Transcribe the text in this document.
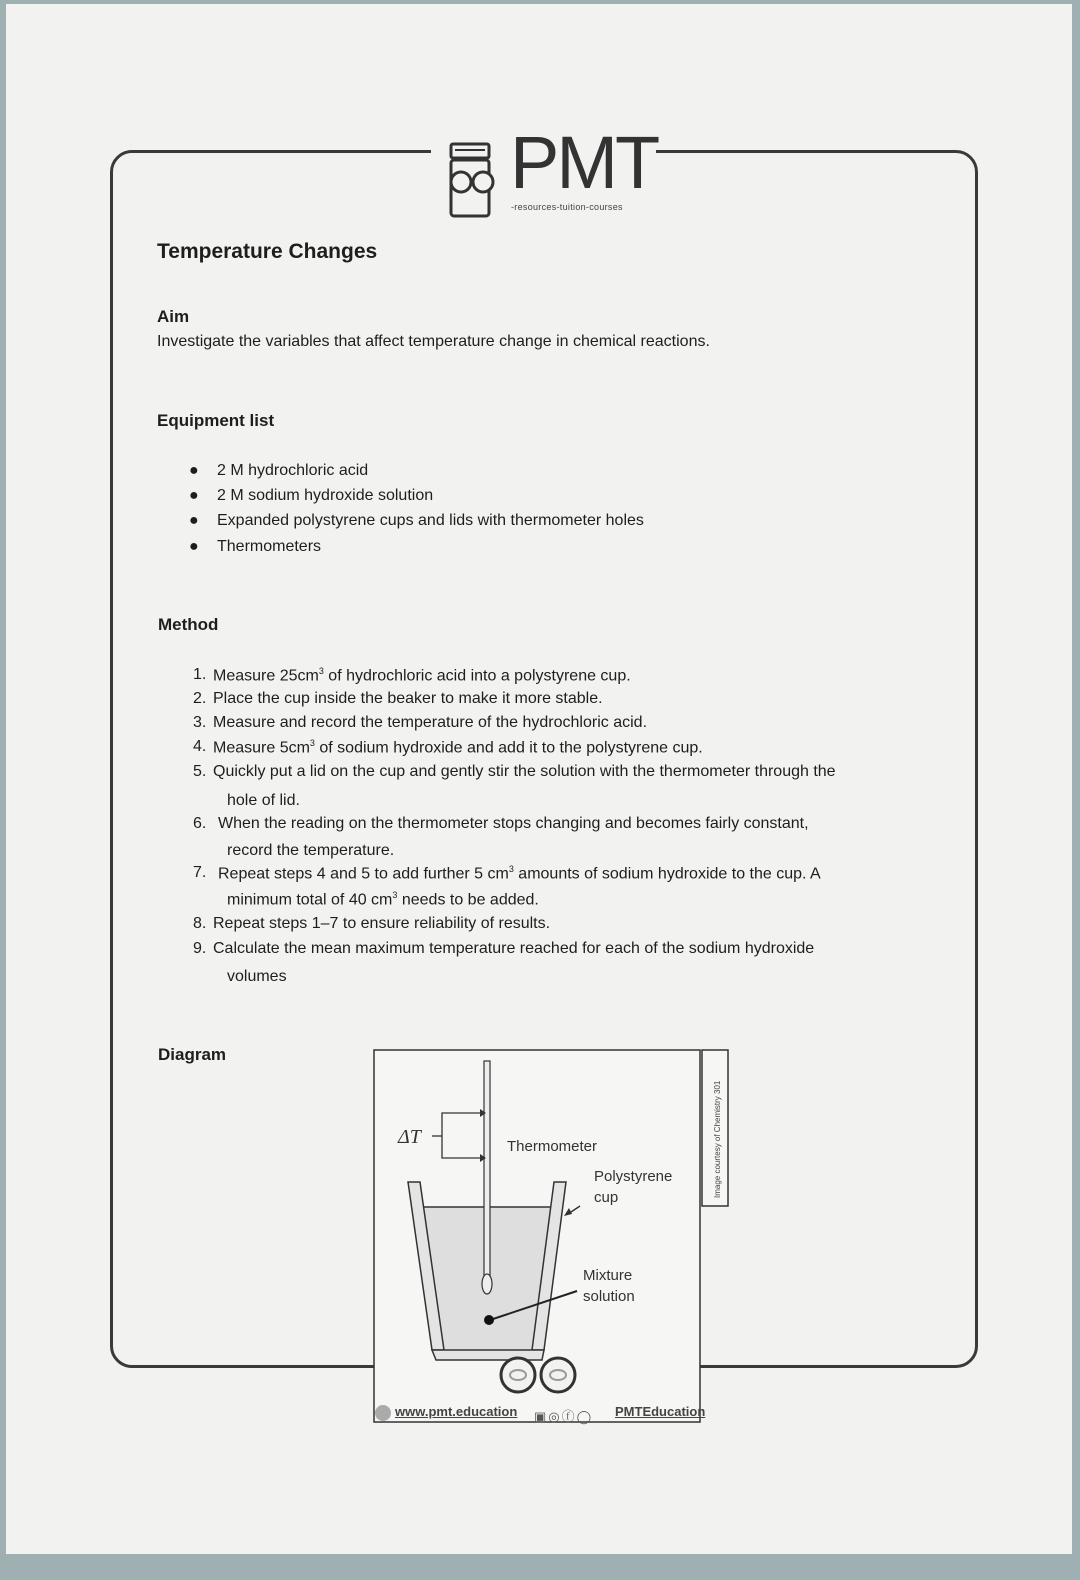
PMT
-resources-tuition-courses
Temperature Changes
Aim
Investigate the variables that affect temperature change in chemical reactions.
Equipment list
● 2 M hydrochloric acid
● 2 M sodium hydroxide solution
● Expanded polystyrene cups and lids with thermometer holes
● Thermometers
Method
1. Measure $25cm^3$ of hydrochloric acid into a polystyrene cup.
2. Place the cup inside the beaker to make it more stable.
3. Measure and record the temperature of the hydrochloric acid.
4. Measure $5cm^3$ of sodium hydroxide and add it to the polystyrene cup.
5. Quickly put a lid on the cup and gently stir the solution with the thermometer through the
hole of lid.
6. When the reading on the thermometer stops changing and becomes fairly constant,
record the temperature.
7. Repeat steps 4 and 5 to add further 5 $cm^3$ amounts of sodium hydroxide to the cup. A
minimum total of 40 $cm^3$ needs to be added.
8. Repeat steps 1–7 to ensure reliability of results.
9. Calculate the mean maximum temperature reached for each of the sodium hydroxide
volumes
Diagram
Image courtesy of Chemistry 301
ΔT	Thermometer
Polystyrene
cup
Mixture
solution
www.pmt.education ▣◎ⓕ◯ PMTEducation
